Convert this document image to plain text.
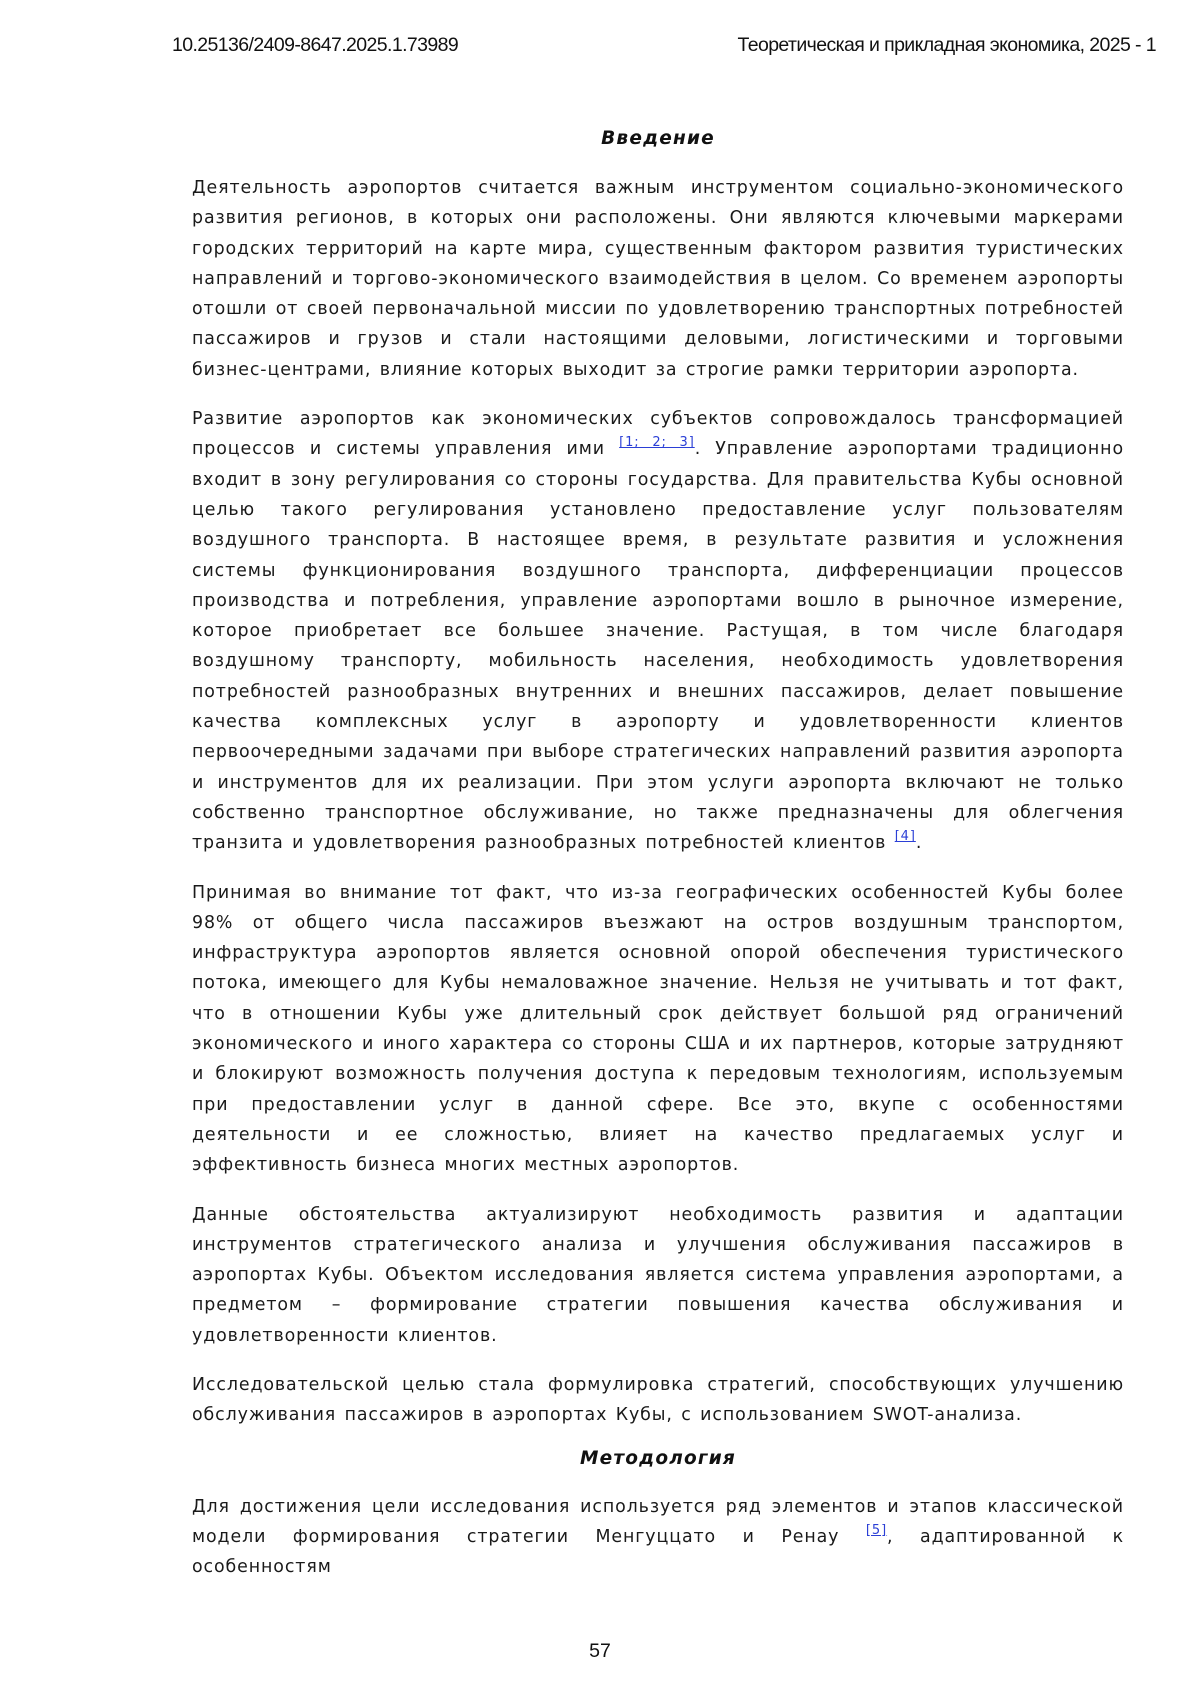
10.25136/2409-8647.2025.1.73989	Теоретическая и прикладная экономика, 2025 - 1
Введение

Деятельность аэропортов считается важным инструментом социально-экономического развития регионов, в которых они расположены. Они являются ключевыми маркерами городских территорий на карте мира, существенным фактором развития туристических направлений и торгово-экономического взаимодействия в целом. Со временем аэропорты отошли от своей первоначальной миссии по удовлетворению транспортных потребностей пассажиров и грузов и стали настоящими деловыми, логистическими и торговыми бизнес-центрами, влияние которых выходит за строгие рамки территории аэропорта.

Развитие аэропортов как экономических субъектов сопровождалось трансформацией процессов и системы управления ими [1; 2; 3]. Управление аэропортами традиционно входит в зону регулирования со стороны государства. Для правительства Кубы основной целью такого регулирования установлено предоставление услуг пользователям воздушного транспорта. В настоящее время, в результате развития и усложнения системы функционирования воздушного транспорта, дифференциации процессов производства и потребления, управление аэропортами вошло в рыночное измерение, которое приобретает все большее значение. Растущая, в том числе благодаря воздушному транспорту, мобильность населения, необходимость удовлетворения потребностей разнообразных внутренних и внешних пассажиров, делает повышение качества комплексных услуг в аэропорту и удовлетворенности клиентов первоочередными задачами при выборе стратегических направлений развития аэропорта и инструментов для их реализации. При этом услуги аэропорта включают не только собственно транспортное обслуживание, но также предназначены для облегчения транзита и удовлетворения разнообразных потребностей клиентов [4].

Принимая во внимание тот факт, что из-за географических особенностей Кубы более 98% от общего числа пассажиров въезжают на остров воздушным транспортом, инфраструктура аэропортов является основной опорой обеспечения туристического потока, имеющего для Кубы немаловажное значение. Нельзя не учитывать и тот факт, что в отношении Кубы уже длительный срок действует большой ряд ограничений экономического и иного характера со стороны США и их партнеров, которые затрудняют и блокируют возможность получения доступа к передовым технологиям, используемым при предоставлении услуг в данной сфере. Все это, вкупе с особенностями деятельности и ее сложностью, влияет на качество предлагаемых услуг и эффективность бизнеса многих местных аэропортов.

Данные обстоятельства актуализируют необходимость развития и адаптации инструментов стратегического анализа и улучшения обслуживания пассажиров в аэропортах Кубы. Объектом исследования является система управления аэропортами, а предметом – формирование стратегии повышения качества обслуживания и удовлетворенности клиентов.

Исследовательской целью стала формулировка стратегий, способствующих улучшению обслуживания пассажиров в аэропортах Кубы, с использованием SWOT-анализа.

Методология

Для достижения цели исследования используется ряд элементов и этапов классической модели формирования стратегии Менгуццато и Ренау [5], адаптированной к особенностям

57
